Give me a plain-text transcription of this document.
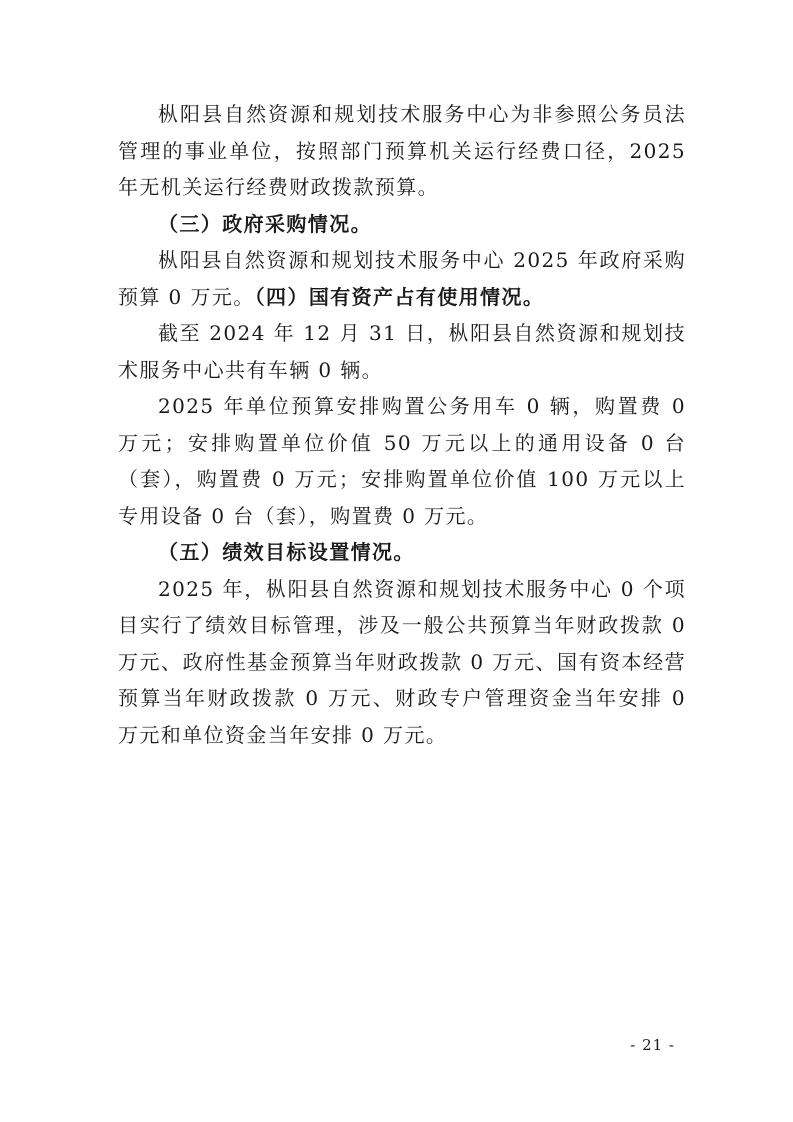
枞阳县自然资源和规划技术服务中心为非参照公务员法管理的事业单位，按照部门预算机关运行经费口径，2025年无机关运行经费财政拨款预算。

（三）政府采购情况。

枞阳县自然资源和规划技术服务中心 2025 年政府采购预算 0 万元。（四）国有资产占有使用情况。

截至 2024 年 12 月 31 日，枞阳县自然资源和规划技术服务中心共有车辆 0 辆。

2025 年单位预算安排购置公务用车 0 辆，购置费 0 万元；安排购置单位价值 50 万元以上的通用设备 0 台（套），购置费 0 万元；安排购置单位价值 100 万元以上专用设备 0 台（套），购置费 0 万元。

（五）绩效目标设置情况。

2025 年，枞阳县自然资源和规划技术服务中心 0 个项目实行了绩效目标管理，涉及一般公共预算当年财政拨款 0 万元、政府性基金预算当年财政拨款 0 万元、国有资本经营预算当年财政拨款 0 万元、财政专户管理资金当年安排 0 万元和单位资金当年安排 0 万元。

- 21 -
